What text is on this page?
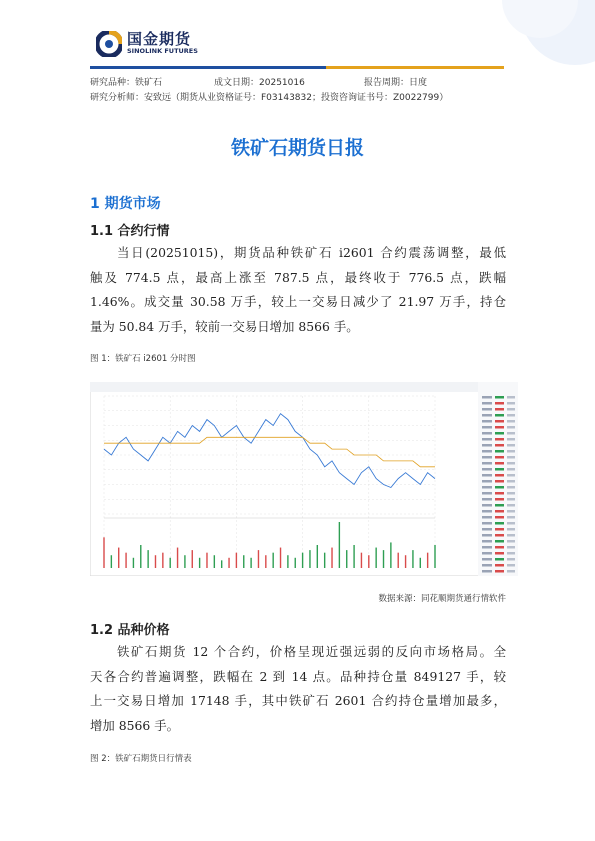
国金期货
SINOLINK FUTURES
研究品种：铁矿石	成文日期：20251016	报告周期：日度
研究分析师：安致远（期货从业资格证号：F03143832；投资咨询证书号：Z0022799）
铁矿石期货日报
1 期货市场
1.1 合约行情
当日(20251015)，期货品种铁矿石 i2601 合约震荡调整，最低
触及 774.5 点，最高上涨至 787.5 点，最终收于 776.5 点，跌幅
1.46%。成交量 30.58 万手，较上一交易日减少了 21.97 万手，持仓
量为 50.84 万手，较前一交易日增加 8566 手。
图 1：铁矿石 i2601 分时图
数据来源：同花顺期货通行情软件
1.2 品种价格
铁矿石期货 12 个合约，价格呈现近强远弱的反向市场格局。全
天各合约普遍调整，跌幅在 2 到 14 点。品种持仓量 849127 手，较
上一交易日增加 17148 手，其中铁矿石 2601 合约持仓量增加最多，
增加 8566 手。
图 2：铁矿石期货日行情表
